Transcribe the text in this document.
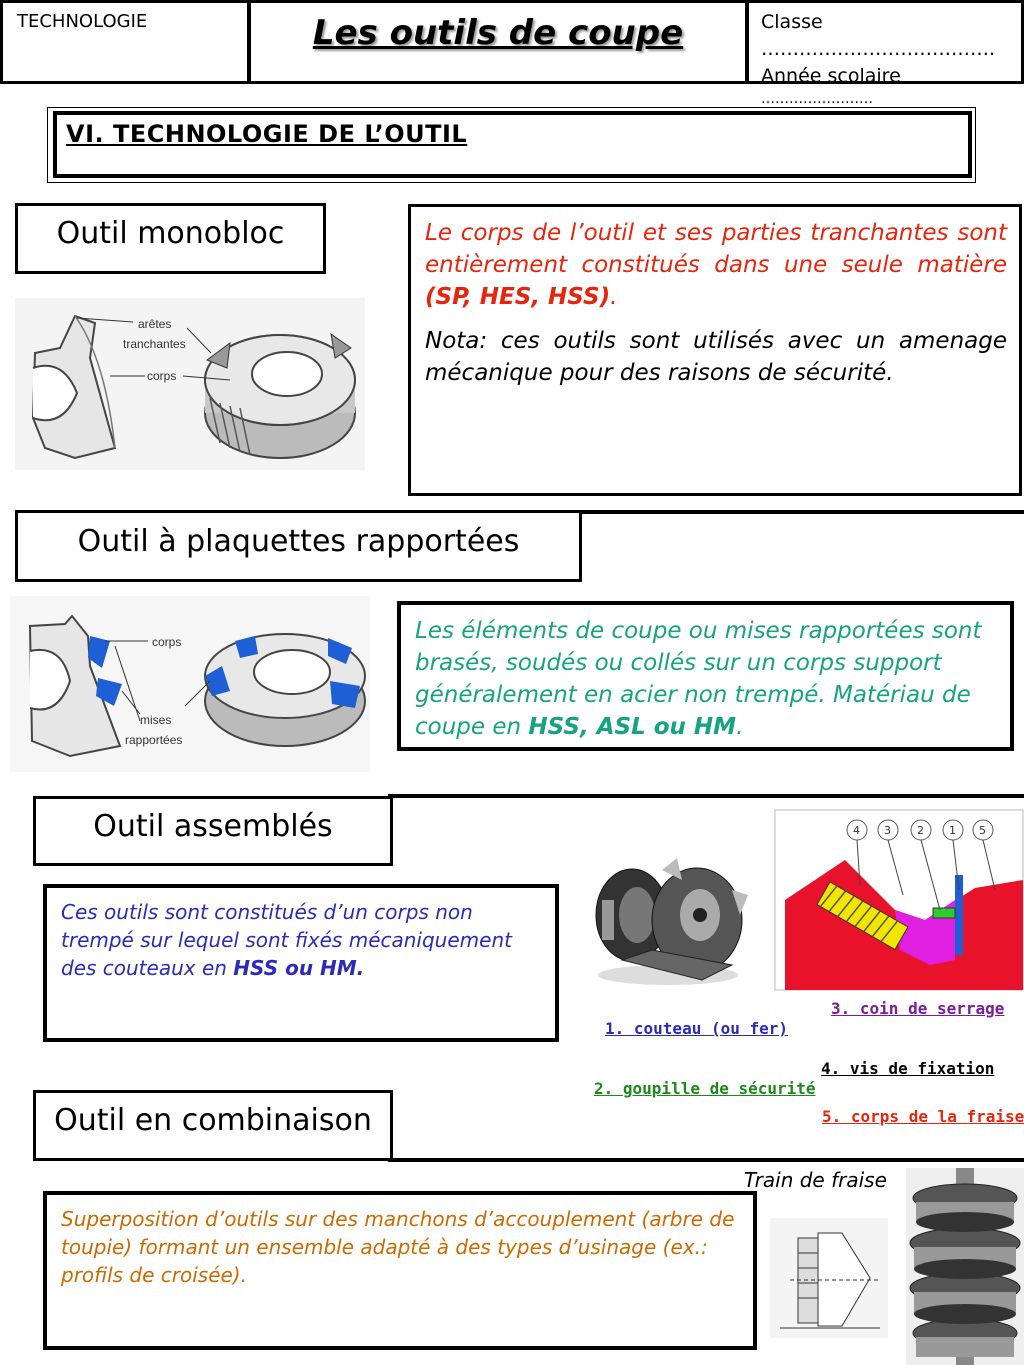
TECHNOLOGIE	Les outils de coupe	Classe ……………………………….
Année scolaire
……………………
VI. TECHNOLOGIE DE L’OUTIL
Outil monobloc
arêtes
tranchantes
corps
Le corps de l’outil et ses parties tranchantes sont entièrement constitués dans une seule matière (SP, HES, HSS).
Nota: ces outils sont utilisés avec un amenage mécanique pour des raisons de sécurité.
Outil à plaquettes rapportées
corps
mises
rapportées
Les éléments de coupe ou mises rapportées sont brasés, soudés ou collés sur un corps support généralement en acier non trempé. Matériau de coupe en HSS, ASL ou HM.
Outil assemblés
Ces outils sont constitués d’un corps non trempé sur lequel sont fixés mécaniquement des couteaux en HSS ou HM.
4 3 2 1 5
3. coin de serrage
1. couteau (ou fer)
4. vis de fixation
2. goupille de sécurité
5. corps de la fraise
Outil en combinaison
Superposition d’outils sur des manchons d’accouplement (arbre de toupie) formant un ensemble adapté à des types d’usinage (ex.: profils de croisée).
Train de fraise
